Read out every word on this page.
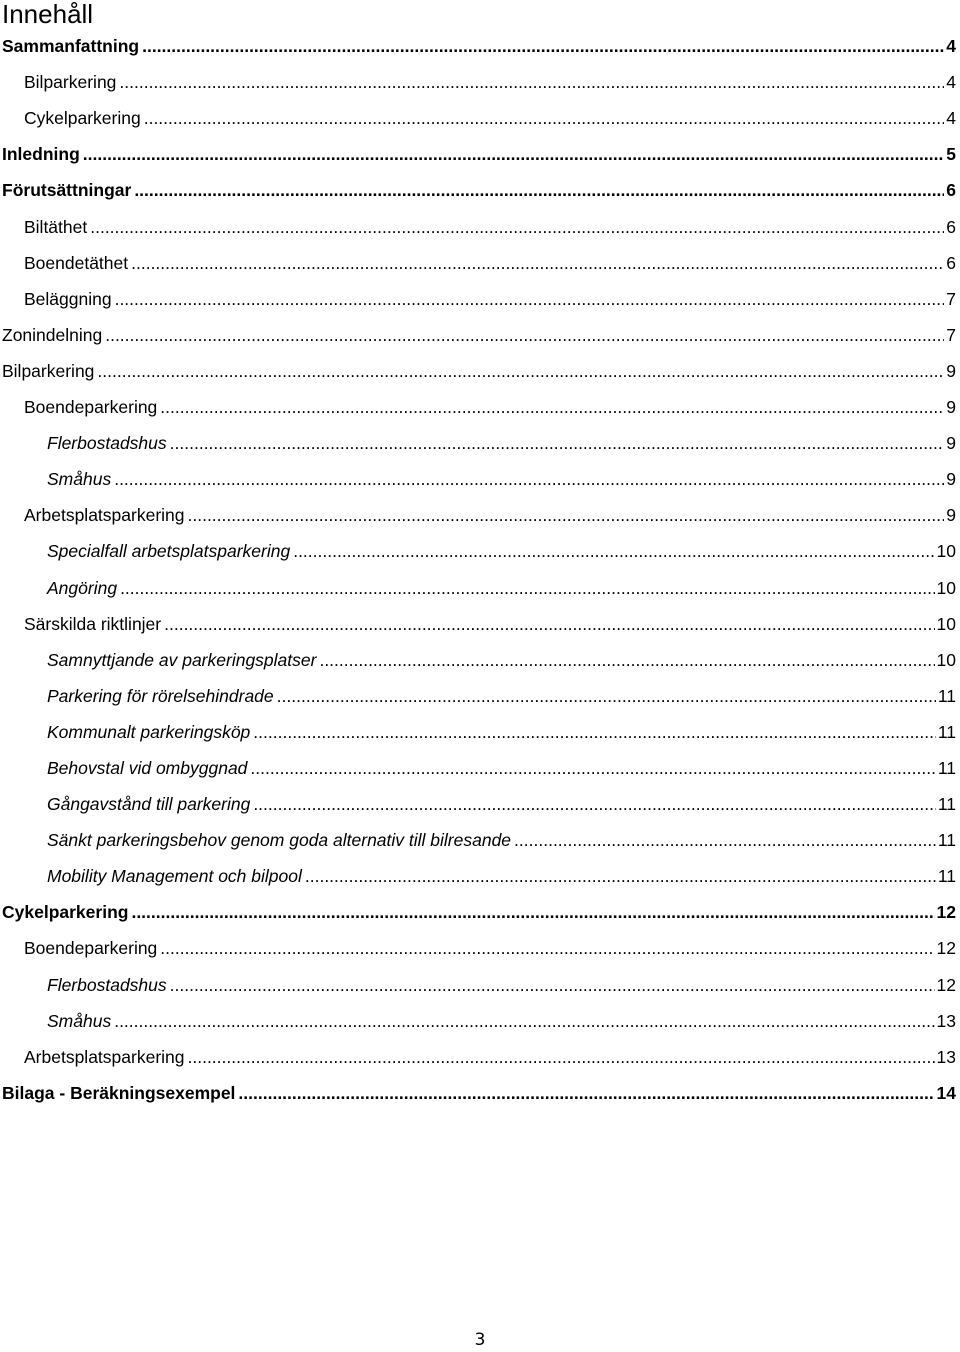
Innehåll
Sammanfattning .....	4
Bilparkering .....	4
Cykelparkering .....	4
Inledning .....	5
Förutsättningar .....	6
Biltäthet .....	6
Boendetäthet .....	6
Beläggning .....	7
Zonindelning .....	7
Bilparkering .....	9
Boendeparkering .....	9
Flerbostadshus .....	9
Småhus .....	9
Arbetsplatsparkering .....	9
Specialfall arbetsplatsparkering .....	10
Angöring .....	10
Särskilda riktlinjer .....	10
Samnyttjande av parkeringsplatser .....	10
Parkering för rörelsehindrade .....	11
Kommunalt parkeringsköp .....	11
Behovstal vid ombyggnad .....	11
Gångavstånd till parkering .....	11
Sänkt parkeringsbehov genom goda alternativ till bilresande .....	11
Mobility Management och bilpool .....	11
Cykelparkering .....	12
Boendeparkering .....	12
Flerbostadshus .....	12
Småhus .....	13
Arbetsplatsparkering .....	13
Bilaga - Beräkningsexempel .....	14
3
